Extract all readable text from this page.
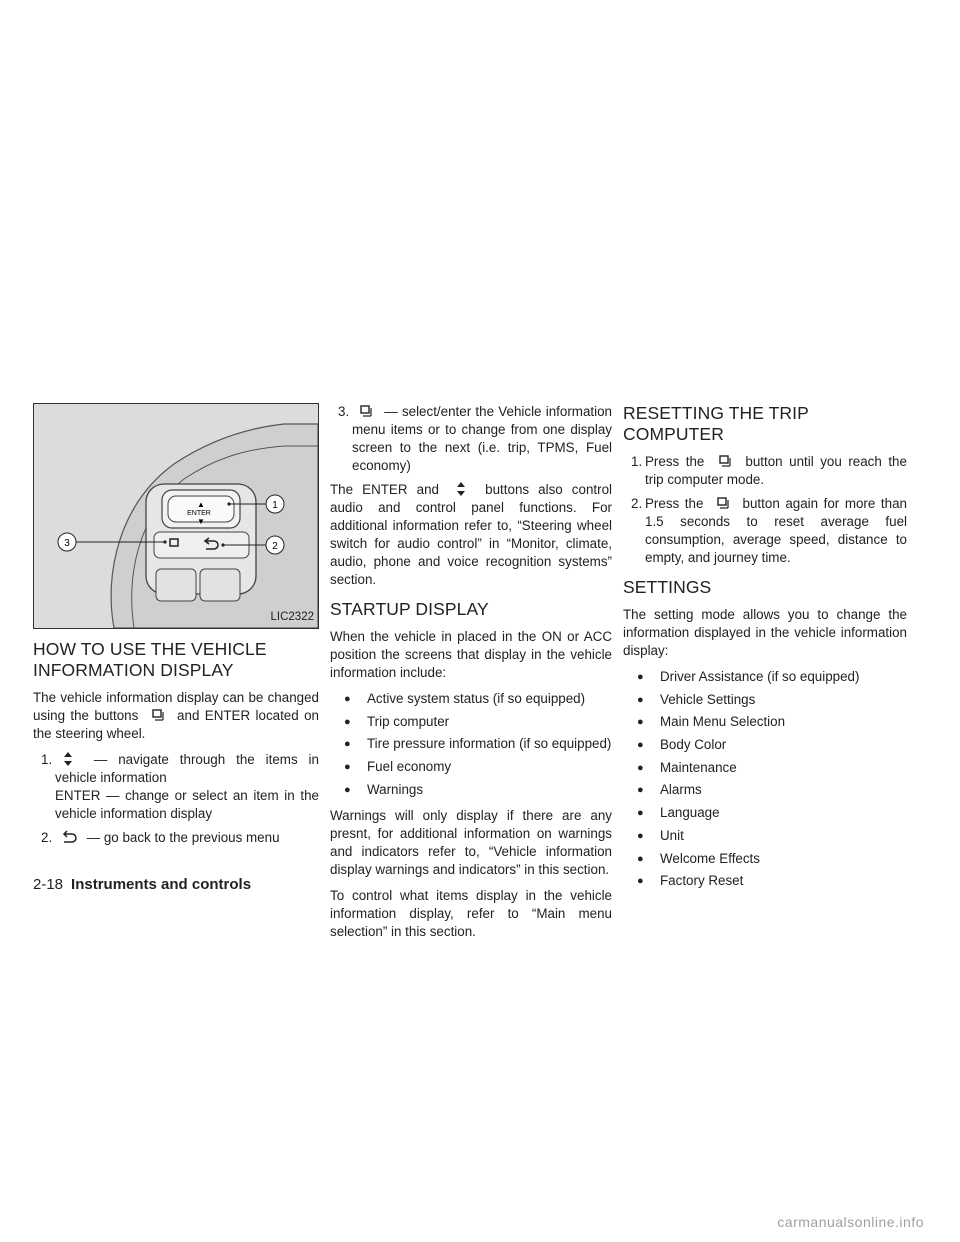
▲
ENTER
▼
1
2
3
LIC2322
HOW TO USE THE VEHICLE INFORMATION DISPLAY

The vehicle information display can be changed using the buttons	and ENTER located on the steering wheel.

1.	— navigate through the items in vehicle information
ENTER — change or select an item in the vehicle information display
2.	— go back to the previous menu
3.	— select/enter the Vehicle information menu items or to change from one display screen to the next (i.e. trip, TPMS, Fuel economy)

The ENTER and	buttons also control audio and control panel functions. For additional information refer to, “Steering wheel switch for audio control” in “Monitor, climate, audio, phone and voice recognition systems” section.

STARTUP DISPLAY

When the vehicle in placed in the ON or ACC position the screens that display in the vehicle information include:

● Active system status (if so equipped)
● Trip computer
● Tire pressure information (if so equipped)
● Fuel economy
● Warnings

Warnings will only display if there are any presnt, for additional information on warnings and indicators refer to, “Vehicle information display warnings and indicators” in this section.

To control what items display in the vehicle information display, refer to “Main menu selection” in this section.

RESETTING THE TRIP COMPUTER
1. Press the	button until you reach the trip computer mode.
2. Press the	button again for more than 1.5 seconds to reset average fuel consumption, average speed, distance to empty, and journey time.
SETTINGS

The setting mode allows you to change the information displayed in the vehicle information display:

● Driver Assistance (if so equipped)
● Vehicle Settings
● Main Menu Selection
● Body Color
● Maintenance
● Alarms
● Language
● Unit
● Welcome Effects
● Factory Reset
2-18 Instruments and controls
carmanualsonline.info
